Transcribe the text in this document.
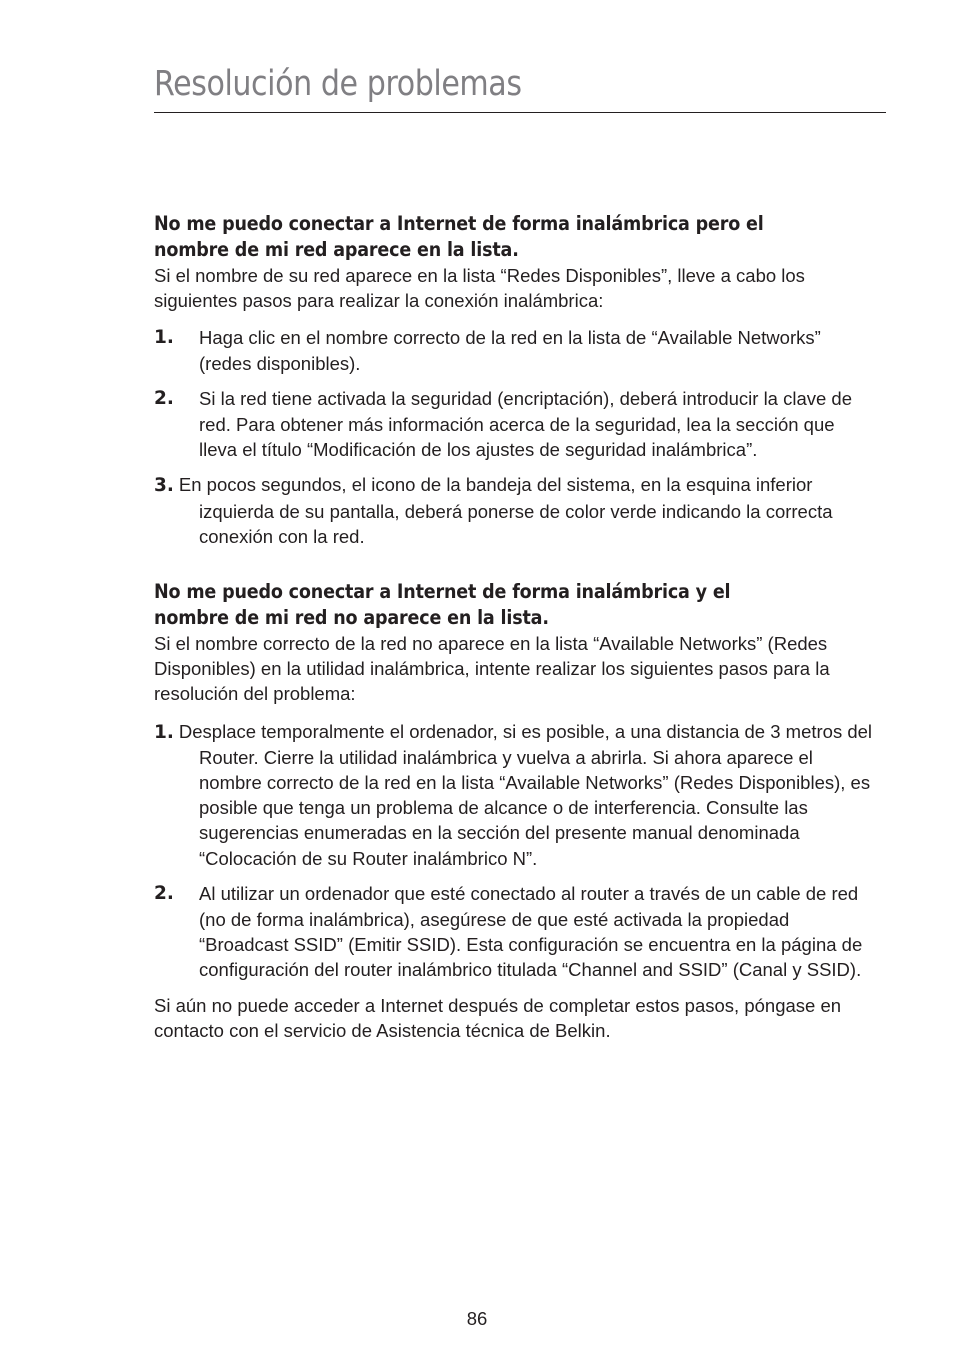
Resolución de problemas
No me puedo conectar a Internet de forma inalámbrica pero el
nombre de mi red aparece en la lista.

Si el nombre de su red aparece en la lista “Redes Disponibles”, lleve a cabo los siguientes pasos para realizar la conexión inalámbrica:

1. Haga clic en el nombre correcto de la red en la lista de “Available Networks” (redes disponibles).
2. Si la red tiene activada la seguridad (encriptación), deberá introducir la clave de red. Para obtener más información acerca de la seguridad, lea la sección que lleva el título “Modificación de los ajustes de seguridad inalámbrica”.
3. En pocos segundos, el icono de la bandeja del sistema, en la esquina inferior izquierda de su pantalla, deberá ponerse de color verde indicando la correcta conexión con la red.
No me puedo conectar a Internet de forma inalámbrica y el
nombre de mi red no aparece en la lista.

Si el nombre correcto de la red no aparece en la lista “Available Networks” (Redes Disponibles) en la utilidad inalámbrica, intente realizar los siguientes pasos para la resolución del problema:

1. Desplace temporalmente el ordenador, si es posible, a una distancia de 3 metros del Router. Cierre la utilidad inalámbrica y vuelva a abrirla. Si ahora aparece el nombre correcto de la red en la lista “Available Networks” (Redes Disponibles), es posible que tenga un problema de alcance o de interferencia. Consulte las sugerencias enumeradas en la sección del presente manual denominada “Colocación de su Router inalámbrico N”.
2. Al utilizar un ordenador que esté conectado al router a través de un cable de red (no de forma inalámbrica), asegúrese de que esté activada la propiedad “Broadcast SSID” (Emitir SSID). Esta configuración se encuentra en la página de configuración del router inalámbrico titulada “Channel and SSID” (Canal y SSID).

Si aún no puede acceder a Internet después de completar estos pasos, póngase en contacto con el servicio de Asistencia técnica de Belkin.

86
